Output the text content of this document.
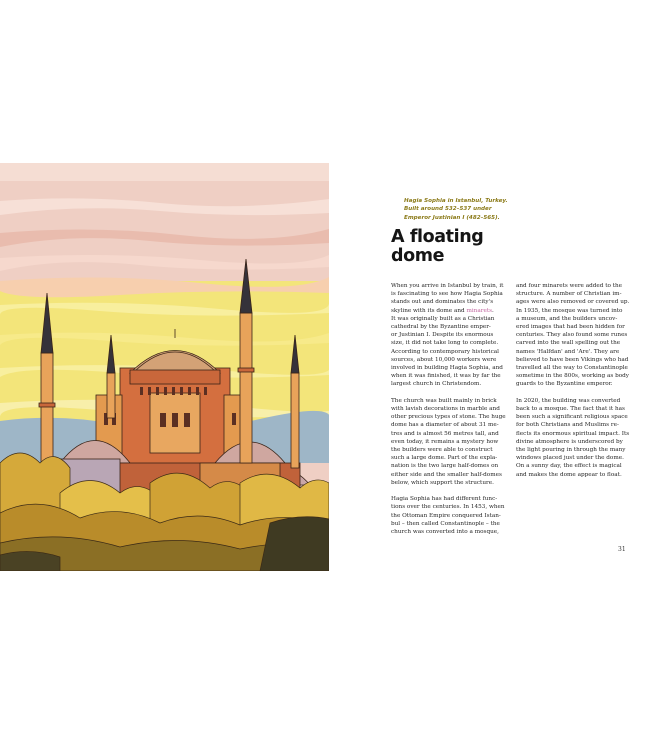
Hagia Sophia in Istanbul, Turkey.
Built around 532–537 under
Emperor Justinian I (482–565).
A floating
dome
When you arrive in Istanbul by train, it
is fascinating to see how Hagia Sophia
stands out and dominates the city's
skyline with its dome and minarets.
It was originally built as a Christian
cathedral by the Byzantine emper-
or Justinian I. Despite its enormous
size, it did not take long to complete.
According to contemporary historical
sources, about 10,000 workers were
involved in building Hagia Sophia, and
when it was finished, it was by far the
largest church in Christendom.
The church was built mainly in brick
with lavish decorations in marble and
other precious types of stone. The huge
dome has a diameter of about 31 me-
tres and is almost 56 metres tall, and
even today, it remains a mystery how
the builders were able to construct
such a large dome. Part of the expla-
nation is the two large half-domes on
either side and the smaller half-domes
below, which support the structure.
Hagia Sophia has had different func-
tions over the centuries. In 1453, when
the Ottoman Empire conquered Istan-
bul – then called Constantinople – the
church was converted into a mosque,
and four minarets were added to the
structure. A number of Christian im-
ages were also removed or covered up.
In 1935, the mosque was turned into
a museum, and the builders uncov-
ered images that had been hidden for
centuries. They also found some runes
carved into the wall spelling out the
names 'Halfdan' and 'Are'. They are
believed to have been Vikings who had
travelled all the way to Constantinople
sometime in the 800s, working as body
guards to the Byzantine emperor.
In 2020, the building was converted
back to a mosque. The fact that it has
been such a significant religious space
for both Christians and Muslims re-
flects its enormous spiritual impact. Its
divine atmosphere is underscored by
the light pouring in through the many
windows placed just under the dome.
On a sunny day, the effect is magical
and makes the dome appear to float.
31
